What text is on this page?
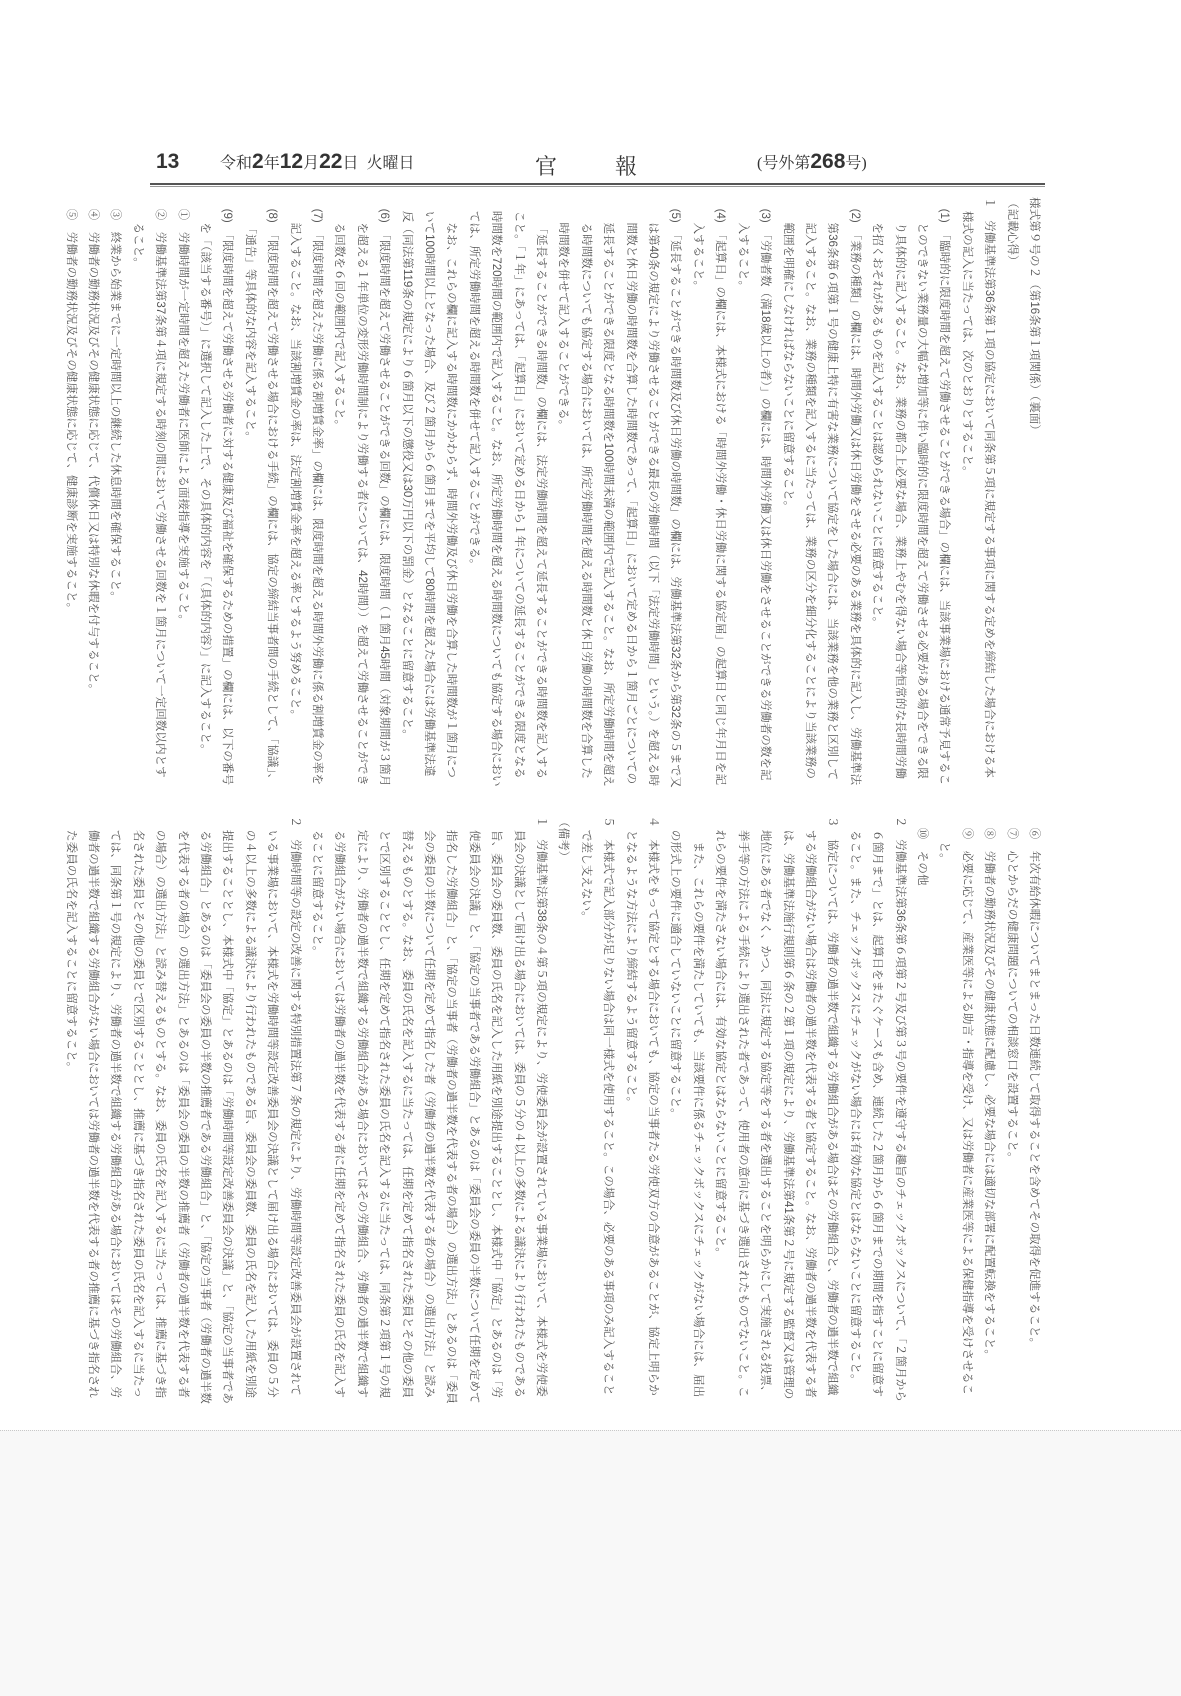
13	令和2年12月22日 火曜日	官	報	(号外第268号)

様式第９号の２（第16条第１項関係）（裏面）

（記載心得）

１　労働基準法第36条第１項の協定において同条第５項に規定する事項に関する定めを締結した場合における本様式の記入に当たっては、次のとおりとすること。

(1)　「臨時的に限度時間を超えて労働させることができる場合」の欄には、当該事業場における通常予見することのできない業務量の大幅な増加等に伴い臨時的に限度時間を超えて労働させる必要がある場合をできる限り具体的に記入すること。なお、業務の都合上必要な場合、業務上やむを得ない場合等恒常的な長時間労働を招くおそれがあるものを記入することは認められないことに留意すること。

(2)　「業務の種類」の欄には、時間外労働又は休日労働をさせる必要のある業務を具体的に記入し、労働基準法第36条第６項第１号の健康上特に有害な業務について協定をした場合には、当該業務を他の業務と区別して記入すること。なお、業務の種類を記入するに当たっては、業務の区分を細分化することにより当該業務の範囲を明確にしなければならないことに留意すること。

(3)　「労働者数（満18歳以上の者）」の欄には、時間外労働又は休日労働をさせることができる労働者の数を記入すること。

(4)　「起算日」の欄には、本様式における「時間外労働・休日労働に関する協定届」の起算日と同じ年月日を記入すること。

(5)　「延長することができる時間数及び休日労働の時間数」の欄には、労働基準法第32条から第32条の５まで又は第40条の規定により労働させることができる最長の労働時間（以下「法定労働時間」という。）を超える時間数と休日労働の時間数を合算した時間数であって、「起算日」において定める日から１箇月ごとについての延長することができる限度となる時間数を100時間未満の範囲内で記入すること。なお、所定労働時間を超える時間数についても協定する場合においては、所定労働時間を超える時間数と休日労働の時間数を合算した時間数を併せて記入することができる。

「延長することができる時間数」の欄には、法定労働時間を超えて延長することができる時間数を記入すること。「１年」にあっては、「起算日」において定める日から１年についての延長することができる限度となる時間数を720時間の範囲内で記入すること。なお、所定労働時間を超える時間数についても協定する場合においては、所定労働時間を超える時間数を併せて記入することができる。

なお、これらの欄に記入する時間数にかかわらず、時間外労働及び休日労働を合算した時間数が１箇月について100時間以上となった場合、及び２箇月から６箇月までを平均して80時間を超えた場合には労働基準法違反（同法第119条の規定により６箇月以下の懲役又は30万円以下の罰金）となることに留意すること。

(6)　「限度時間を超えて労働させることができる回数」の欄には、限度時間（１箇月45時間（対象期間が３箇月を超える１年単位の変形労働時間制により労働する者については、42時間））を超えて労働させることができる回数を６回の範囲内で記入すること。

(7)　「限度時間を超えた労働に係る割増賃金率」の欄には、限度時間を超える時間外労働に係る割増賃金の率を記入すること。なお、当該割増賃金の率は、法定割増賃金率を超える率とするよう努めること。

(8)　「限度時間を超えて労働させる場合における手続」の欄には、協定の締結当事者間の手続として、「協議」、「通告」等具体的な内容を記入すること。

(9)　「限度時間を超えて労働させる労働者に対する健康及び福祉を確保するための措置」の欄には、以下の番号を「（該当する番号）」に選択して記入した上で、その具体的内容を「（具体的内容）」に記入すること。

①　労働時間が一定時間を超えた労働者に医師による面接指導を実施すること。

②　労働基準法第37条第４項に規定する時刻の間において労働させる回数を１箇月について一定回数以内とすること。

③　終業から始業までに一定時間以上の継続した休息時間を確保すること。

④　労働者の勤務状況及びその健康状態に応じて、代償休日又は特別な休暇を付与すること。

⑤　労働者の勤務状況及びその健康状態に応じて、健康診断を実施すること。

⑥　年次有給休暇についてまとまった日数連続して取得することを含めてその取得を促進すること。

⑦　心とからだの健康問題についての相談窓口を設置すること。

⑧　労働者の勤務状況及びその健康状態に配慮し、必要な場合には適切な部署に配置転換をすること。

⑨　必要に応じて、産業医等による助言・指導を受け、又は労働者に産業医等による保健指導を受けさせること。

⑩　その他

２　労働基準法第36条第６項第２号及び第３号の要件を遵守する趣旨のチェックボックスについて、「２箇月から６箇月まで」とは、起算日をまたぐケースも含め、連続した２箇月から６箇月までの期間を指すことに留意すること。また、チェックボックスにチェックがない場合には有効な協定とはならないことに留意すること。

３　協定については、労働者の過半数で組織する労働組合がある場合はその労働組合と、労働者の過半数で組織する労働組合がない場合は労働者の過半数を代表する者と協定すること。なお、労働者の過半数を代表する者は、労働基準法施行規則第６条の２第１項の規定により、労働基準法第41条第２号に規定する監督又は管理の地位にある者でなく、かつ、同法に規定する協定等をする者を選出することを明らかにして実施される投票、挙手等の方法による手続により選出された者であって、使用者の意向に基づき選出されたものでないこと。これらの要件を満たさない場合には、有効な協定とはならないことに留意すること。

また、これらの要件を満たしていても、当該要件に係るチェックボックスにチェックがない場合には、届出の形式上の要件に適合していないことに留意すること。

４　本様式をもって協定とする場合においても、協定の当事者たる労使双方の合意があることが、協定上明らかとなるような方法により締結するよう留意すること。

５　本様式で記入部分が足りない場合は同一様式を使用すること。この場合、必要のある事項のみ記入することで差し支えない。

（備考）

１　労働基準法第38条の４第５項の規定により、労使委員会が設置されている事業場において、本様式を労使委員会の決議として届け出る場合においては、委員の５分の４以上の多数による議決により行われたものである旨、委員会の委員数、委員の氏名を記入した用紙を別途提出することとし、本様式中「協定」とあるのは「労使委員会の決議」と、「協定の当事者である労働組合」とあるのは「委員会の委員の半数について任期を定めて指名した労働組合」と、「協定の当事者（労働者の過半数を代表する者の場合）の選出方法」とあるのは「委員会の委員の半数について任期を定めて指名した者（労働者の過半数を代表する者の場合）の選出方法」と読み替えるものとする。なお、委員の氏名を記入するに当たっては、任期を定めて指名された委員とその他の委員とで区別することとし、任期を定めて指名された委員の氏名を記入するに当たっては、同条第２項第１号の規定により、労働者の過半数で組織する労働組合がある場合においてはその労働組合、労働者の過半数で組織する労働組合がない場合においては労働者の過半数を代表する者に任期を定めて指名された委員の氏名を記入することに留意すること。

２　労働時間等の設定の改善に関する特別措置法第７条の規定により、労働時間等設定改善委員会が設置されている事業場において、本様式を労働時間等設定改善委員会の決議として届け出る場合においては、委員の５分の４以上の多数による議決により行われたものである旨、委員会の委員数、委員の氏名を記入した用紙を別途提出することとし、本様式中「協定」とあるのは「労働時間等設定改善委員会の決議」と、「協定の当事者である労働組合」とあるのは「委員会の委員の半数の推薦者である労働組合」と、「協定の当事者（労働者の過半数を代表する者の場合）の選出方法」とあるのは「委員会の委員の半数の推薦者（労働者の過半数を代表する者の場合）の選出方法」と読み替えるものとする。なお、委員の氏名を記入するに当たっては、推薦に基づき指名された委員とその他の委員とで区別することとし、推薦に基づき指名された委員の氏名を記入するに当たっては、同条第１号の規定により、労働者の過半数で組織する労働組合がある場合においてはその労働組合、労働者の過半数で組織する労働組合がない場合においては労働者の過半数を代表する者の推薦に基づき指名された委員の氏名を記入することに留意すること。
